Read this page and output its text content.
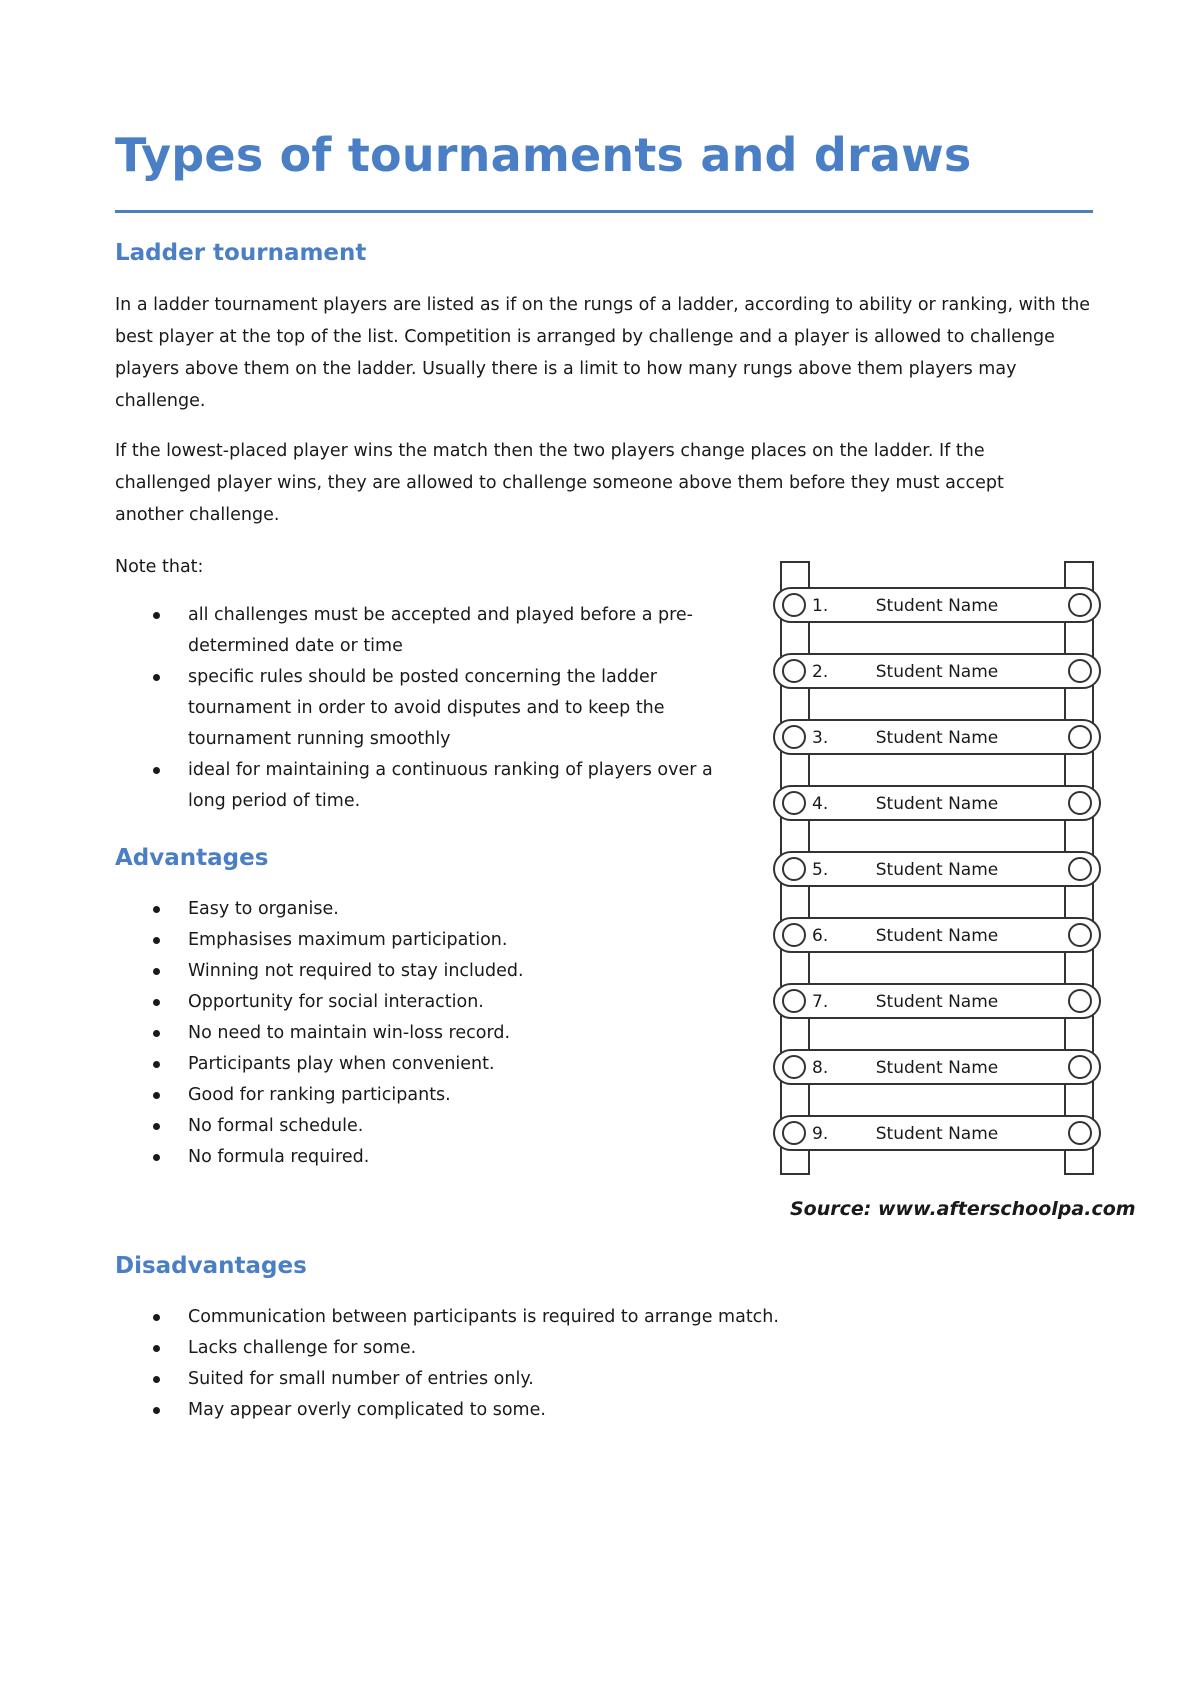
Types of tournaments and draws
Ladder tournament

In a ladder tournament players are listed as if on the rungs of a ladder, according to ability or ranking, with the best player at the top of the list. Competition is arranged by challenge and a player is allowed to challenge players above them on the ladder. Usually there is a limit to how many rungs above them players may challenge.

If the lowest-placed player wins the match then the two players change places on the ladder. If the challenged player wins, they are allowed to challenge someone above them before they must accept another challenge.

Note that:

all challenges must be accepted and played before a pre-determined date or time
specific rules should be posted concerning the ladder tournament in order to avoid disputes and to keep the tournament running smoothly
ideal for maintaining a continuous ranking of players over a long period of time.
Advantages
Easy to organise.
Emphasises maximum participation.
Winning not required to stay included.
Opportunity for social interaction.
No need to maintain win-loss record.
Participants play when convenient.
Good for ranking participants.
No formal schedule.
No formula required.
1.	Student Name
2.	Student Name
3.	Student Name
4.	Student Name
5.	Student Name
6.	Student Name
7.	Student Name
8.	Student Name
9.	Student Name
Source: www.afterschoolpa.com
Disadvantages
Communication between participants is required to arrange match.
Lacks challenge for some.
Suited for small number of entries only.
May appear overly complicated to some.
